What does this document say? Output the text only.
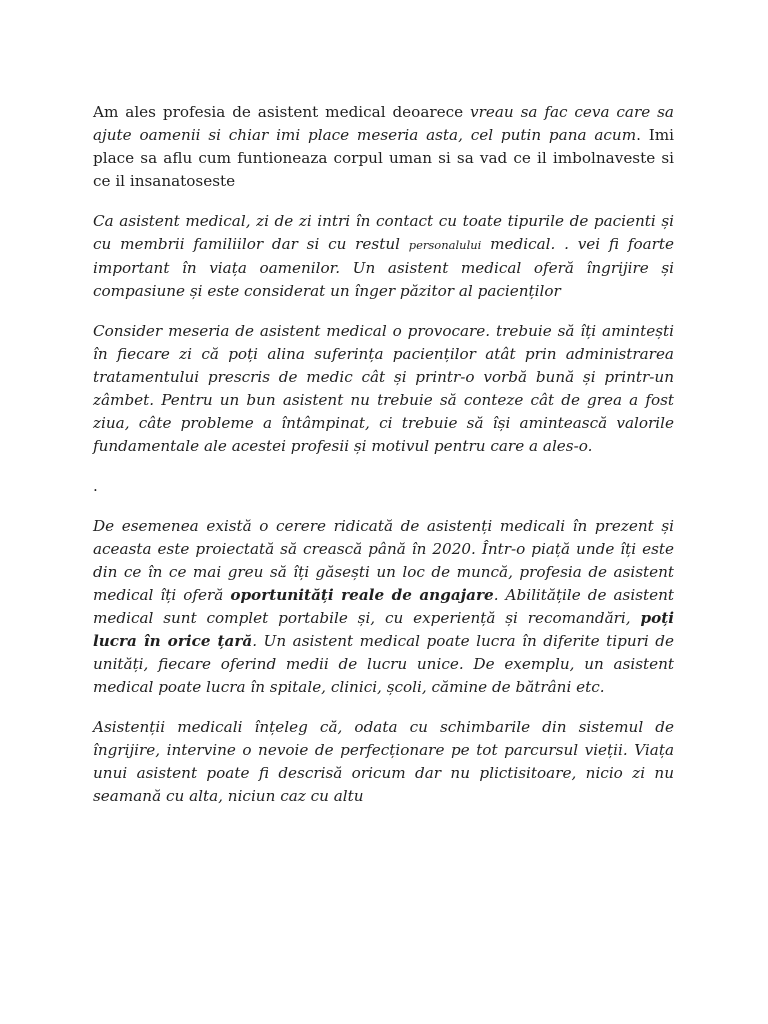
Am ales profesia de asistent medical deoarece vreau sa fac ceva care sa ajute oamenii si chiar imi place meseria asta, cel putin pana acum. Imi place sa aflu cum funtioneaza corpul uman si sa vad ce il imbolnaveste si ce il insanatoseste

Ca asistent medical, zi de zi intri în contact cu toate tipurile de pacienti și cu membrii familiilor dar si cu restul personalului medical. . vei fi foarte important în viața oamenilor. Un asistent medical oferă îngrijire și compasiune și este considerat un înger păzitor al pacienților

Consider meseria de asistent medical o provocare. trebuie să îți amintești în fiecare zi că poți alina suferința pacienților atât prin administrarea tratamentului prescris de medic cât și printr-o vorbă bună și printr-un zâmbet. Pentru un bun asistent nu trebuie să conteze cât de grea a fost ziua, câte probleme a întâmpinat, ci trebuie să își amintească valorile fundamentale ale acestei profesii și motivul pentru care a ales-o.

.

De esemenea există o cerere ridicată de asistenți medicali în prezent și aceasta este proiectată să crească până în 2020. Într-o piață unde îți este din ce în ce mai greu să îți găsești un loc de muncă, profesia de asistent medical îți oferă oportunități reale de angajare. Abilitățile de asistent medical sunt complet portabile și, cu experiență și recomandări, poți lucra în orice țară. Un asistent medical poate lucra în diferite tipuri de unități, fiecare oferind medii de lucru unice. De exemplu, un asistent medical poate lucra în spitale, clinici, școli, cămine de bătrâni etc.

Asistenții medicali înțeleg că, odata cu schimbarile din sistemul de îngrijire, intervine o nevoie de perfecționare pe tot parcursul vieții. Viața unui asistent poate fi descrisă oricum dar nu plictisitoare, nicio zi nu seamană cu alta, niciun caz cu altu
